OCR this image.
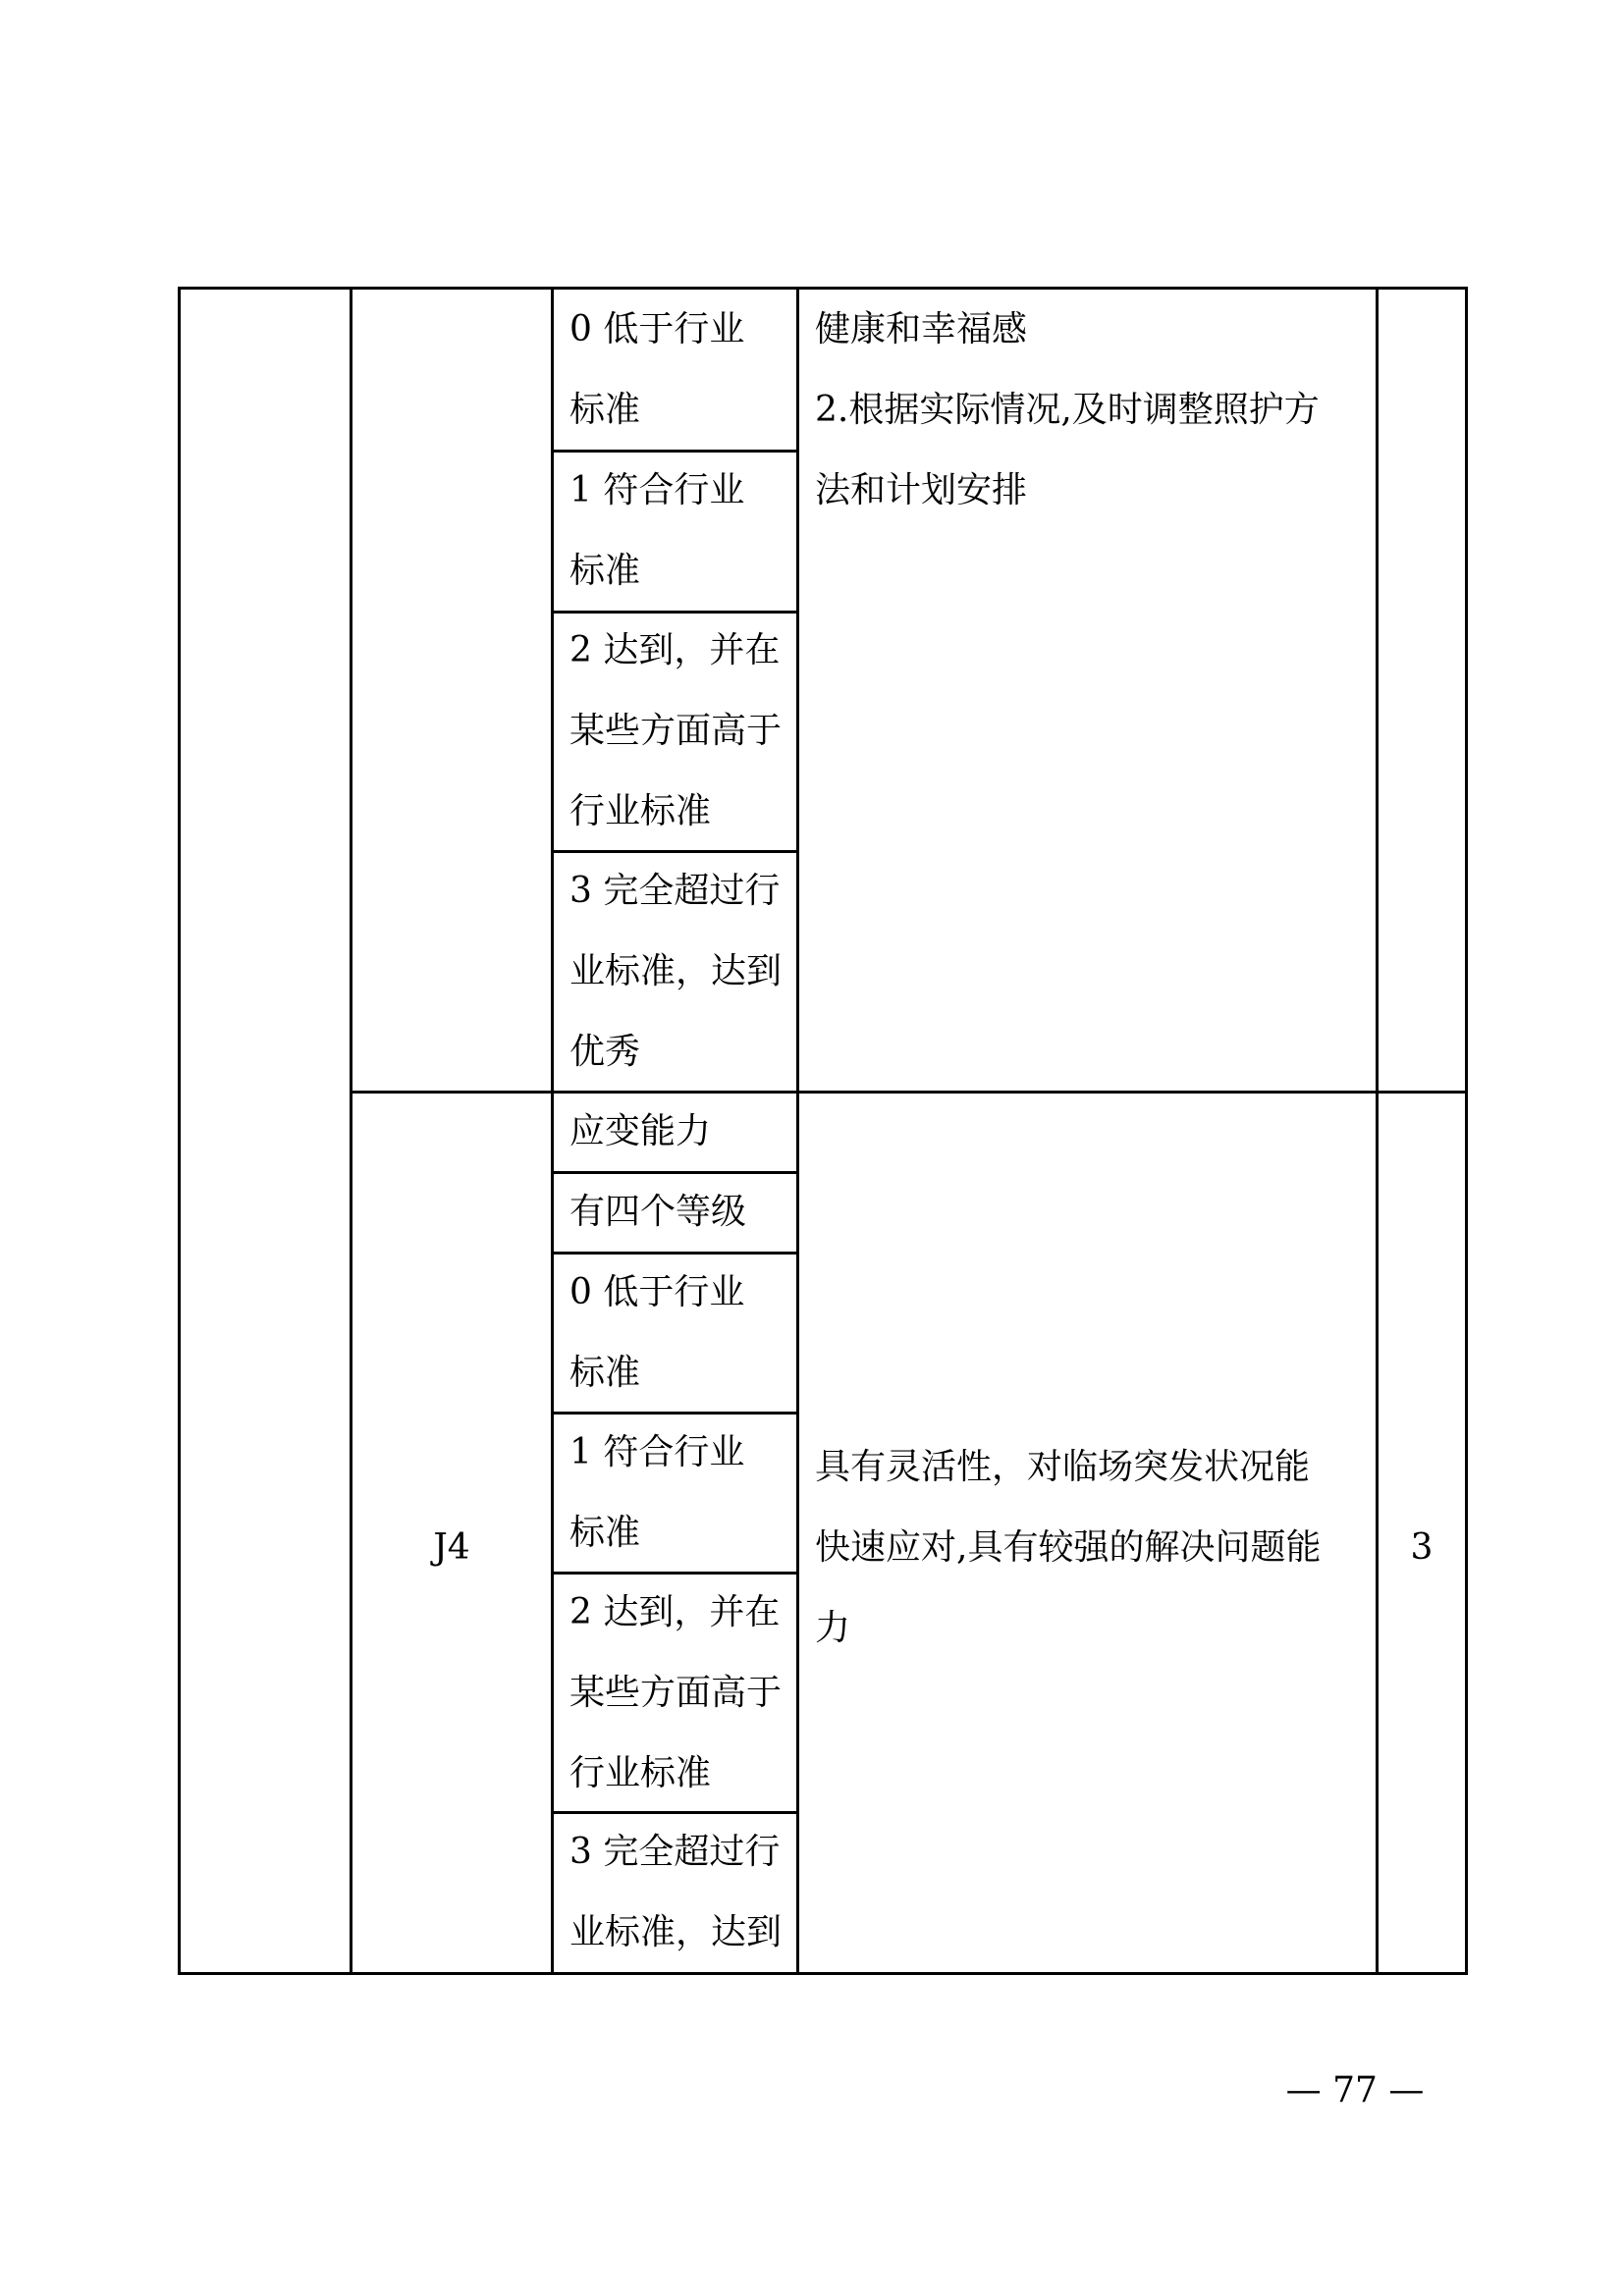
0 低于行业
标准
1 符合行业
标准
2 达到，并在
某些方面高于
行业标准
3 完全超过行
业标准，达到
优秀
健康和幸福感
2.根据实际情况,及时调整照护方
法和计划安排
J4
应变能力
有四个等级
0 低于行业
标准
1 符合行业
标准
2 达到，并在
某些方面高于
行业标准
3 完全超过行
业标准，达到
具有灵活性，对临场突发状况能
快速应对,具有较强的解决问题能
力
3
— 77 —
